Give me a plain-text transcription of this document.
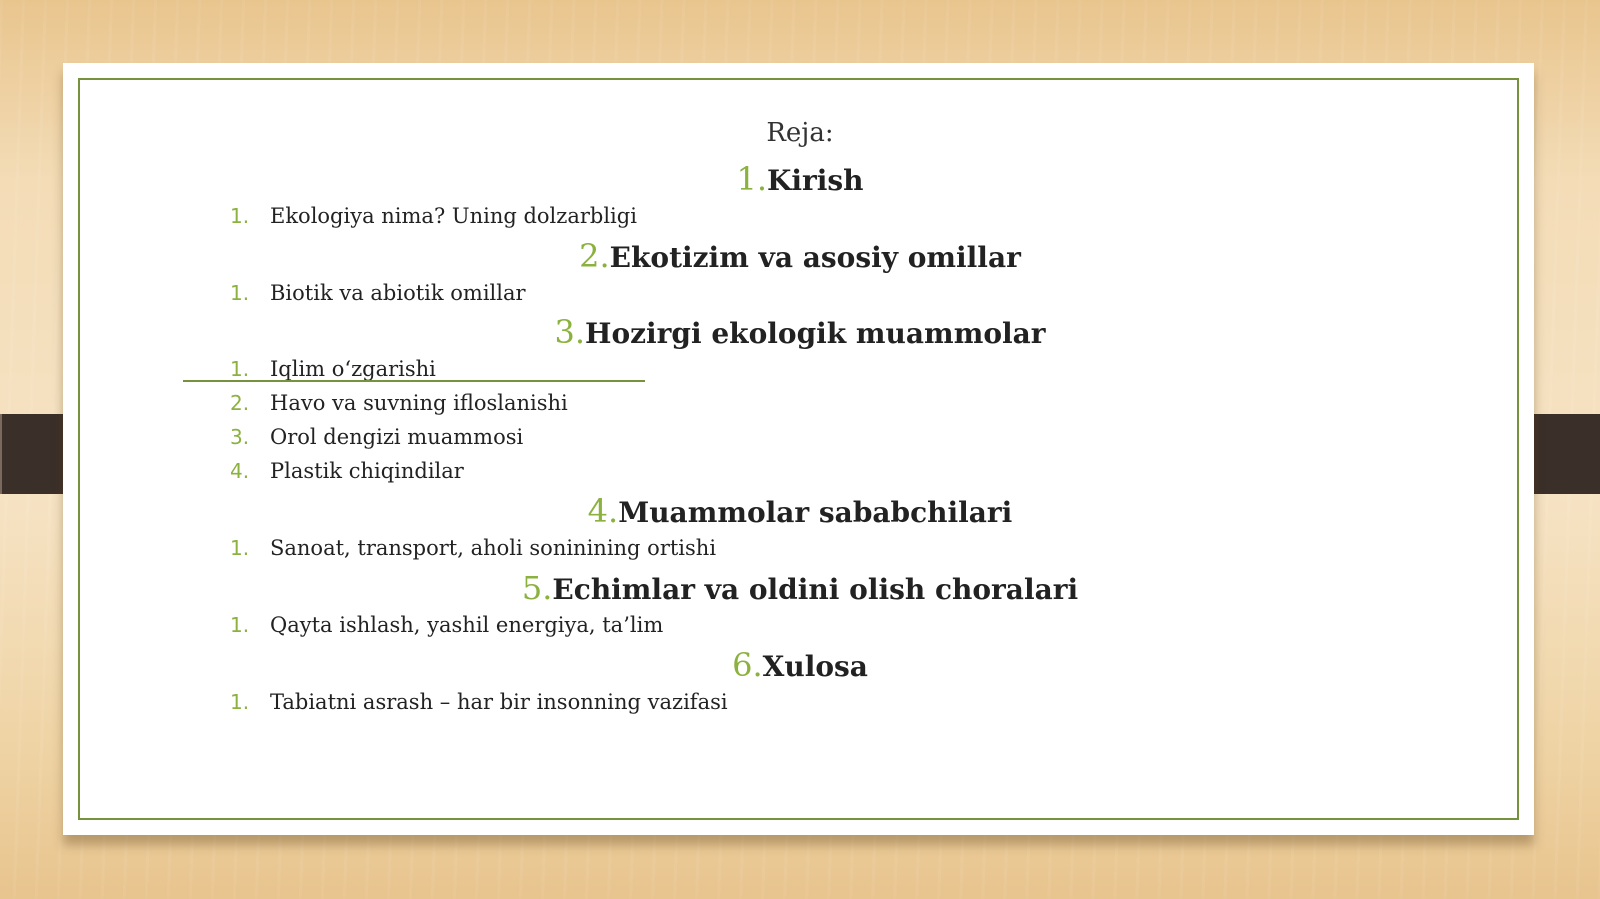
Reja:
1.Kirish
1. Ekologiya nima? Uning dolzarbligi
2.Ekotizim va asosiy omillar
1. Biotik va abiotik omillar
3.Hozirgi ekologik muammolar
1. Iqlim o‘zgarishi
2. Havo va suvning ifloslanishi
3. Orol dengizi muammosi
4. Plastik chiqindilar
4.Muammolar sababchilari
1. Sanoat, transport, aholi soninining ortishi
5.Echimlar va oldini olish choralari
1. Qayta ishlash, yashil energiya, ta’lim
6.Xulosa
1. Tabiatni asrash – har bir insonning vazifasi
